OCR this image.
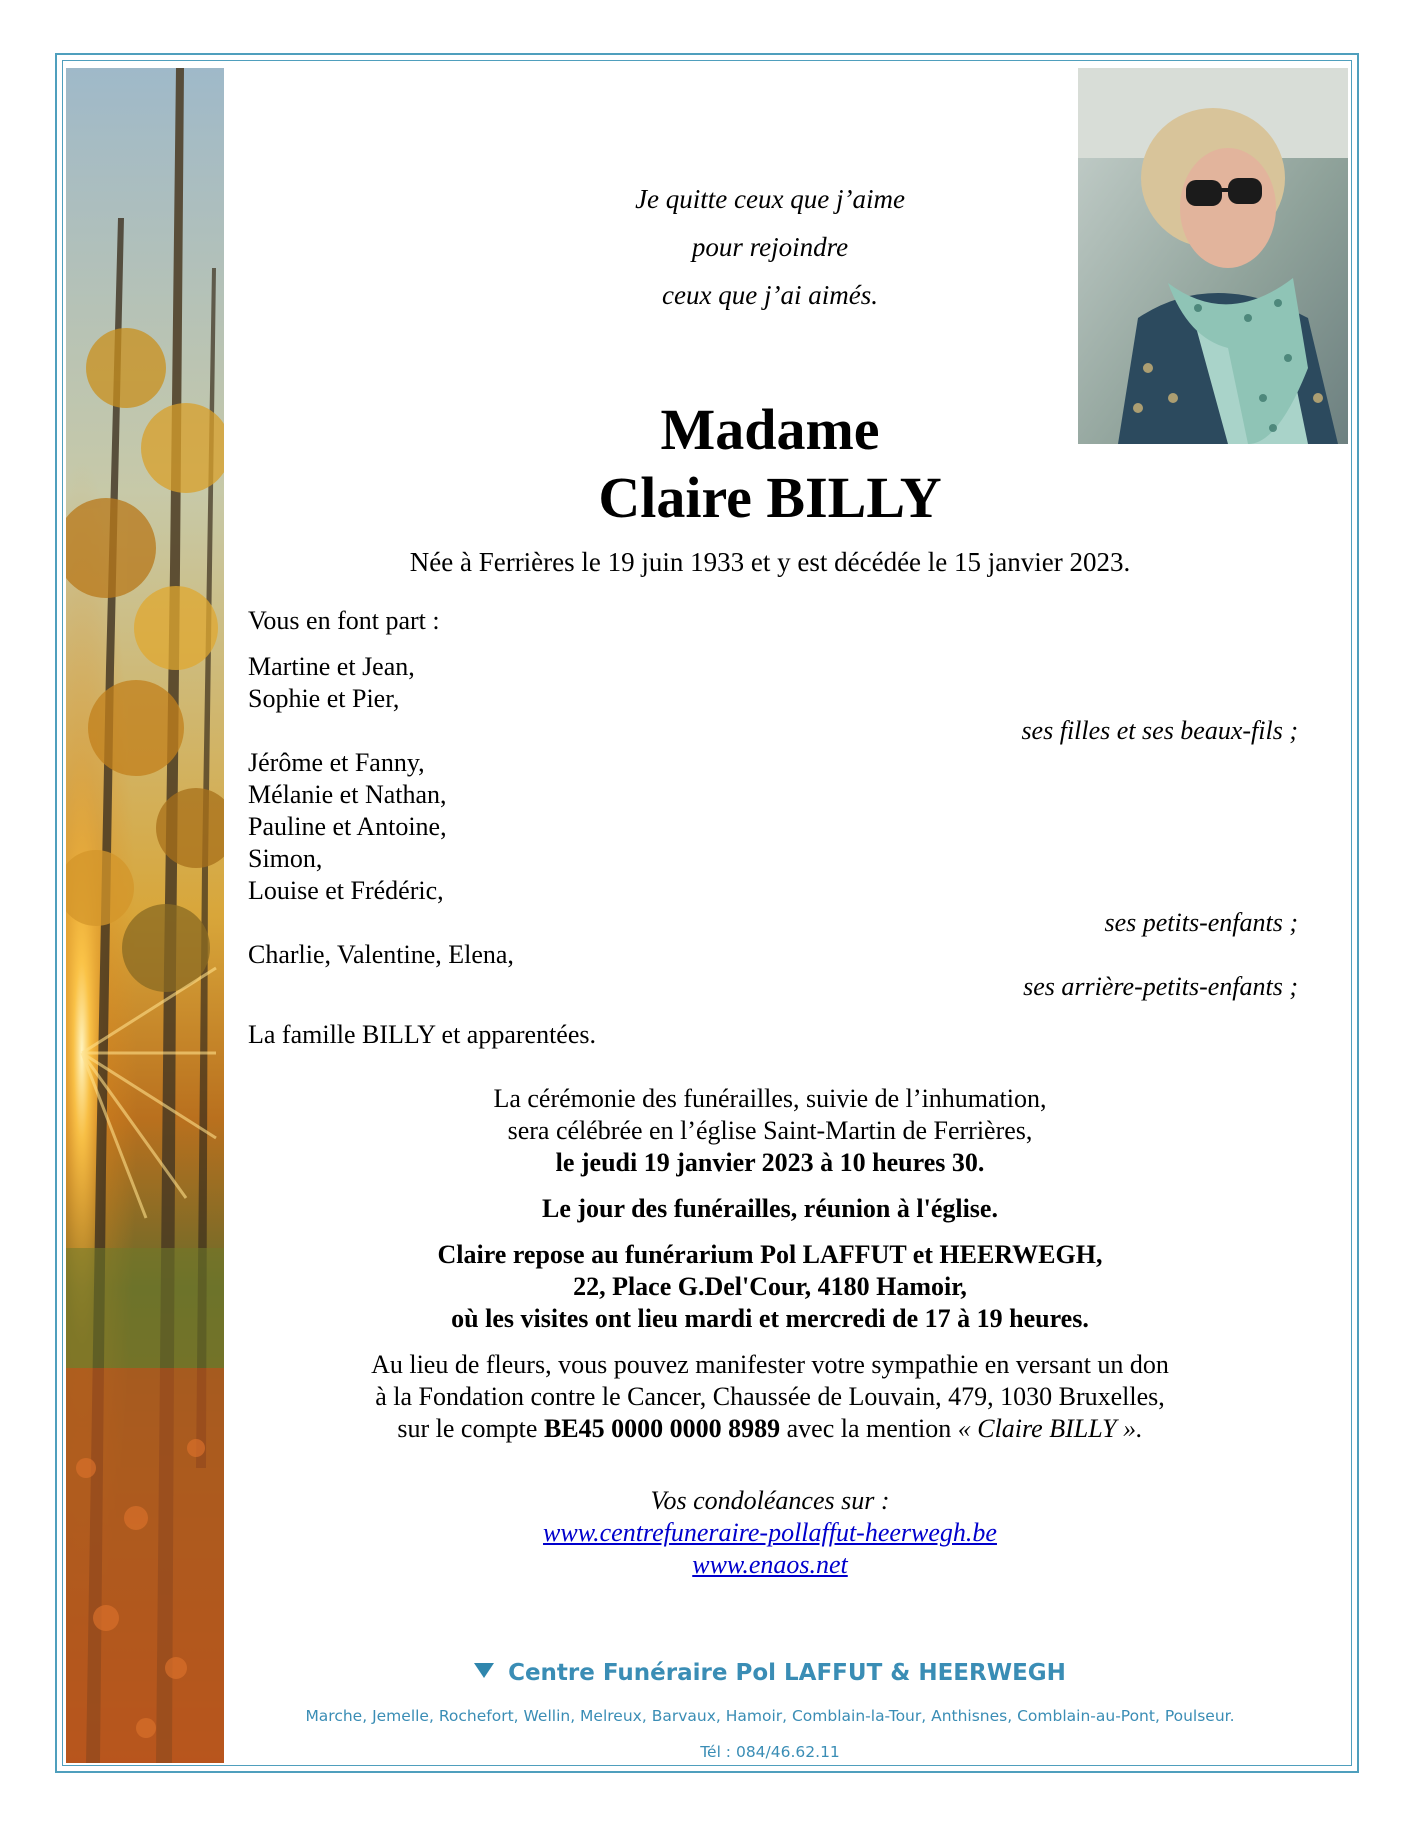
Je quitte ceux que j’aime
pour rejoindre
ceux que j’ai aimés.
Madame
Claire BILLY
Née à Ferrières le 19 juin 1933 et y est décédée le 15 janvier 2023.
Vous en font part :
Martine et Jean,
Sophie et Pier,
ses filles et ses beaux-fils ;
Jérôme et Fanny,
Mélanie et Nathan,
Pauline et Antoine,
Simon,
Louise et Frédéric,
ses petits-enfants ;
Charlie, Valentine, Elena,
ses arrière-petits-enfants ;
La famille BILLY et apparentées.
La cérémonie des funérailles, suivie de l’inhumation,
sera célébrée en l’église Saint-Martin de Ferrières,
le jeudi 19 janvier 2023 à 10 heures 30.
Le jour des funérailles, réunion à l'église.
Claire repose au funérarium Pol LAFFUT et HEERWEGH,
22, Place G.Del'Cour, 4180 Hamoir,
où les visites ont lieu mardi et mercredi de 17 à 19 heures.
Au lieu de fleurs, vous pouvez manifester votre sympathie en versant un don
à la Fondation contre le Cancer, Chaussée de Louvain, 479, 1030 Bruxelles,
sur le compte BE45 0000 0000 8989 avec la mention « Claire BILLY ».
Vos condoléances sur :
www.centrefuneraire-pollaffut-heerwegh.be
www.enaos.net
Centre Funéraire Pol LAFFUT & HEERWEGH
Marche, Jemelle, Rochefort, Wellin, Melreux, Barvaux, Hamoir, Comblain-la-Tour, Anthisnes, Comblain-au-Pont, Poulseur.
Tél : 084/46.62.11
